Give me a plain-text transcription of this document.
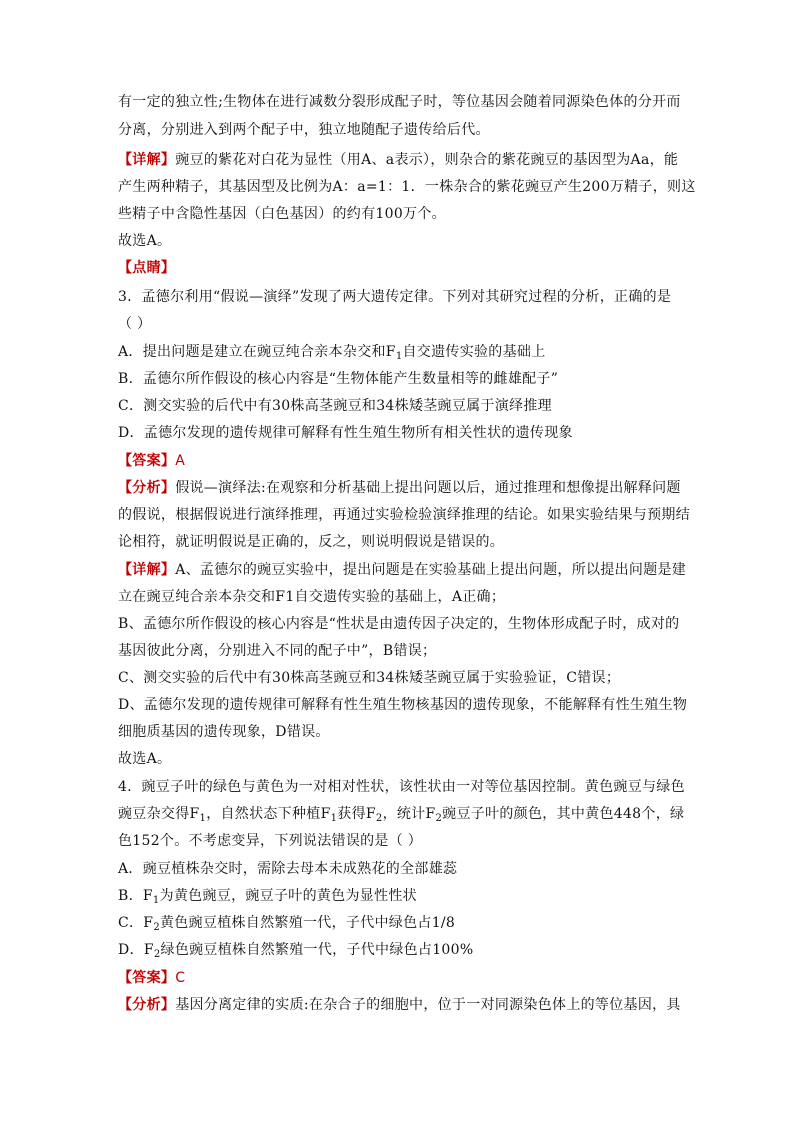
有一定的独立性;生物体在进行减数分裂形成配子时，等位基因会随着同源染色体的分开而
分离，分别进入到两个配子中，独立地随配子遗传给后代。
【详解】豌豆的紫花对白花为显性（用A、a表示），则杂合的紫花豌豆的基因型为Aa，能
产生两种精子，其基因型及比例为A：a=1：1．一株杂合的紫花豌豆产生200万精子，则这
些精子中含隐性基因（白色基因）的约有100万个。
故选A。
【点睛】
3．孟德尔利用“假说—演绎”发现了两大遗传定律。下列对其研究过程的分析，正确的是
（ ）
A．提出问题是建立在豌豆纯合亲本杂交和$F_1$自交遗传实验的基础上
B．孟德尔所作假设的核心内容是“生物体能产生数量相等的雌雄配子”
C．测交实验的后代中有30株高茎豌豆和34株矮茎豌豆属于演绎推理
D．孟德尔发现的遗传规律可解释有性生殖生物所有相关性状的遗传现象
【答案】A
【分析】假说—演绎法:在观察和分析基础上提出问题以后，通过推理和想像提出解释问题
的假说，根据假说进行演绎推理，再通过实验检验演绎推理的结论。如果实验结果与预期结
论相符，就证明假说是正确的，反之，则说明假说是错误的。
【详解】A、孟德尔的豌豆实验中，提出问题是在实验基础上提出问题，所以提出问题是建
立在豌豆纯合亲本杂交和F1自交遗传实验的基础上，A正确；
B、孟德尔所作假设的核心内容是“性状是由遗传因子决定的，生物体形成配子时，成对的
基因彼此分离，分别进入不同的配子中”，B错误；
C、测交实验的后代中有30株高茎豌豆和34株矮茎豌豆属于实验验证，C错误；
D、孟德尔发现的遗传规律可解释有性生殖生物核基因的遗传现象，不能解释有性生殖生物
细胞质基因的遗传现象，D错误。
故选A。
4．豌豆子叶的绿色与黄色为一对相对性状，该性状由一对等位基因控制。黄色豌豆与绿色
豌豆杂交得$F_1$，自然状态下种植$F_1$获得$F_2$，统计$F_2$豌豆子叶的颜色，其中黄色448个，绿
色152个。不考虑变异，下列说法错误的是（ ）
A．豌豆植株杂交时，需除去母本未成熟花的全部雄蕊
B．$F_1$为黄色豌豆，豌豆子叶的黄色为显性性状
C．$F_2$黄色豌豆植株自然繁殖一代，子代中绿色占1/8
D．$F_2$绿色豌豆植株自然繁殖一代，子代中绿色占100%
【答案】C
【分析】基因分离定律的实质:在杂合子的细胞中，位于一对同源染色体上的等位基因，具
